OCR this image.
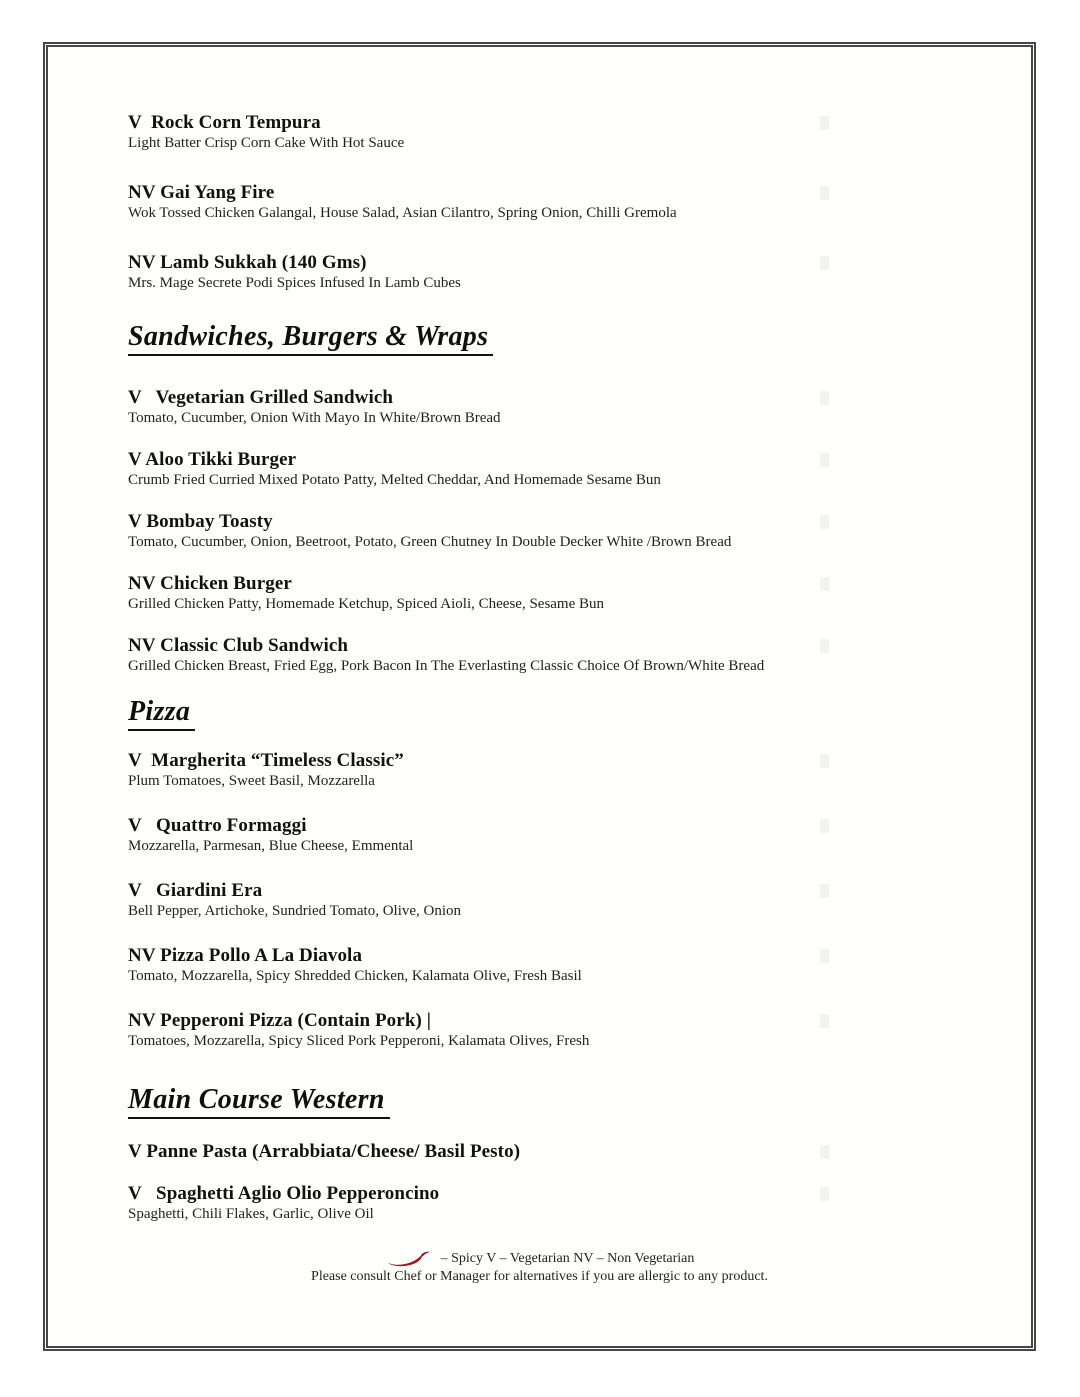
V  Rock Corn Tempura
Light Batter Crisp Corn Cake With Hot Sauce
NV Gai Yang Fire
Wok Tossed Chicken Galangal, House Salad, Asian Cilantro, Spring Onion, Chilli Gremola
NV Lamb Sukkah (140 Gms)
Mrs. Mage Secrete Podi Spices Infused In Lamb Cubes
Sandwiches, Burgers & Wraps
V   Vegetarian Grilled Sandwich
Tomato, Cucumber, Onion With Mayo In White/Brown Bread
V Aloo Tikki Burger
Crumb Fried Curried Mixed Potato Patty, Melted Cheddar, And Homemade Sesame Bun
V Bombay Toasty
Tomato, Cucumber, Onion, Beetroot, Potato, Green Chutney In Double Decker White /Brown Bread
NV Chicken Burger
Grilled Chicken Patty, Homemade Ketchup, Spiced Aioli, Cheese, Sesame Bun
NV Classic Club Sandwich
Grilled Chicken Breast, Fried Egg, Pork Bacon In The Everlasting Classic Choice Of Brown/White Bread
Pizza
V  Margherita “Timeless Classic”
Plum Tomatoes, Sweet Basil, Mozzarella
V   Quattro Formaggi
Mozzarella, Parmesan, Blue Cheese, Emmental
V   Giardini Era
Bell Pepper, Artichoke, Sundried Tomato, Olive, Onion
NV Pizza Pollo A La Diavola
Tomato, Mozzarella, Spicy Shredded Chicken, Kalamata Olive, Fresh Basil
NV Pepperoni Pizza (Contain Pork) |
Tomatoes, Mozzarella, Spicy Sliced Pork Pepperoni, Kalamata Olives, Fresh
Main Course Western
V Panne Pasta (Arrabbiata/Cheese/ Basil Pesto)
V   Spaghetti Aglio Olio Pepperoncino
Spaghetti, Chili Flakes, Garlic, Olive Oil
– Spicy V – Vegetarian NV – Non Vegetarian
Please consult Chef or Manager for alternatives if you are allergic to any product.
